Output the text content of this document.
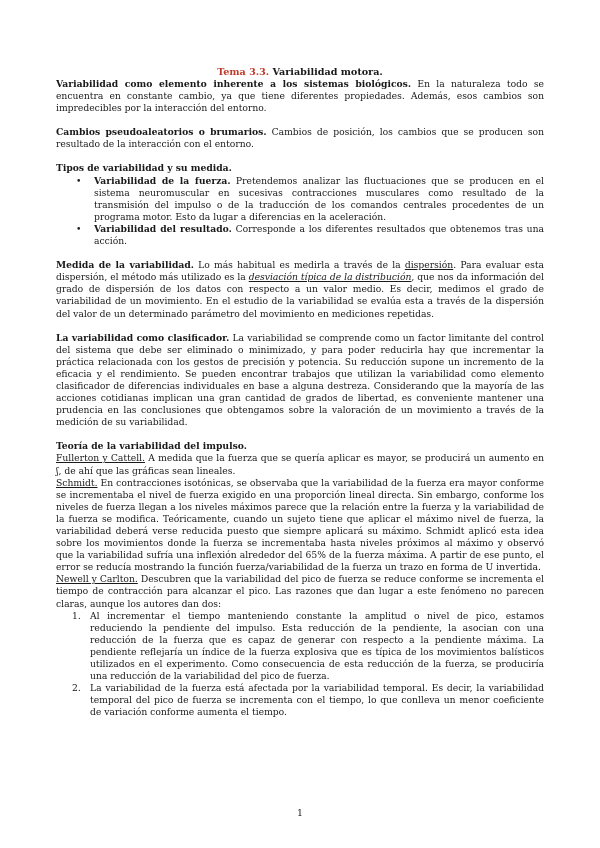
Tema 3.3. Variabilidad motora.

Variabilidad como elemento inherente a los sistemas biológicos. En la naturaleza todo se encuentra en constante cambio, ya que tiene diferentes propiedades. Además, esos cambios son impredecibles por la interacción del entorno.

Cambios pseudoaleatorios o brumarios. Cambios de posición, los cambios que se producen son resultado de la interacción con el entorno.

Tipos de variabilidad y su medida.

• Variabilidad de la fuerza. Pretendemos analizar las fluctuaciones que se producen en el sistema neuromuscular en sucesivas contracciones musculares como resultado de la transmisión del impulso o de la traducción de los comandos centrales procedentes de un programa motor. Esto da lugar a diferencias en la aceleración.
• Variabilidad del resultado. Corresponde a los diferentes resultados que obtenemos tras una acción.

Medida de la variabilidad. Lo más habitual es medirla a través de la dispersión. Para evaluar esta dispersión, el método más utilizado es la desviación típica de la distribución, que nos da información del grado de dispersión de los datos con respecto a un valor medio. Es decir, medimos el grado de variabilidad de un movimiento. En el estudio de la variabilidad se evalúa esta a través de la dispersión del valor de un determinado parámetro del movimiento en mediciones repetidas.

La variabilidad como clasificador. La variabilidad se comprende como un factor limitante del control del sistema que debe ser eliminado o minimizado, y para poder reducirla hay que incrementar la práctica relacionada con los gestos de precisión y potencia. Su reducción supone un incremento de la eficacia y el rendimiento. Se pueden encontrar trabajos que utilizan la variabilidad como elemento clasificador de diferencias individuales en base a alguna destreza. Considerando que la mayoría de las acciones cotidianas implican una gran cantidad de grados de libertad, es conveniente mantener una prudencia en las conclusiones que obtengamos sobre la valoración de un movimiento a través de la medición de su variabilidad.

Teoría de la variabilidad del impulso.

Fullerton y Cattell. A medida que la fuerza que se quería aplicar es mayor, se producirá un aumento en ʃ, de ahí que las gráficas sean lineales.

Schmidt. En contracciones isotónicas, se observaba que la variabilidad de la fuerza era mayor conforme se incrementaba el nivel de fuerza exigido en una proporción lineal directa. Sin embargo, conforme los niveles de fuerza llegan a los niveles máximos parece que la relación entre la fuerza y la variabilidad de la fuerza se modifica. Teóricamente, cuando un sujeto tiene que aplicar el máximo nivel de fuerza, la variabilidad deberá verse reducida puesto que siempre aplicará su máximo. Schmidt aplicó esta idea sobre los movimientos donde la fuerza se incrementaba hasta niveles próximos al máximo y observó que la variabilidad sufría una inflexión alrededor del 65% de la fuerza máxima. A partir de ese punto, el error se reducía mostrando la función fuerza/variabilidad de la fuerza un trazo en forma de U invertida.

Newell y Carlton. Descubren que la variabilidad del pico de fuerza se reduce conforme se incrementa el tiempo de contracción para alcanzar el pico. Las razones que dan lugar a este fenómeno no parecen claras, aunque los autores dan dos:

1. Al incrementar el tiempo manteniendo constante la amplitud o nivel de pico, estamos reduciendo la pendiente del impulso. Esta reducción de la pendiente, la asocian con una reducción de la fuerza que es capaz de generar con respecto a la pendiente máxima. La pendiente reflejaría un índice de la fuerza explosiva que es típica de los movimientos balísticos utilizados en el experimento. Como consecuencia de esta reducción de la fuerza, se produciría una reducción de la variabilidad del pico de fuerza.
2. La variabilidad de la fuerza está afectada por la variabilidad temporal. Es decir, la variabilidad temporal del pico de fuerza se incrementa con el tiempo, lo que conlleva un menor coeficiente de variación conforme aumenta el tiempo.
1
